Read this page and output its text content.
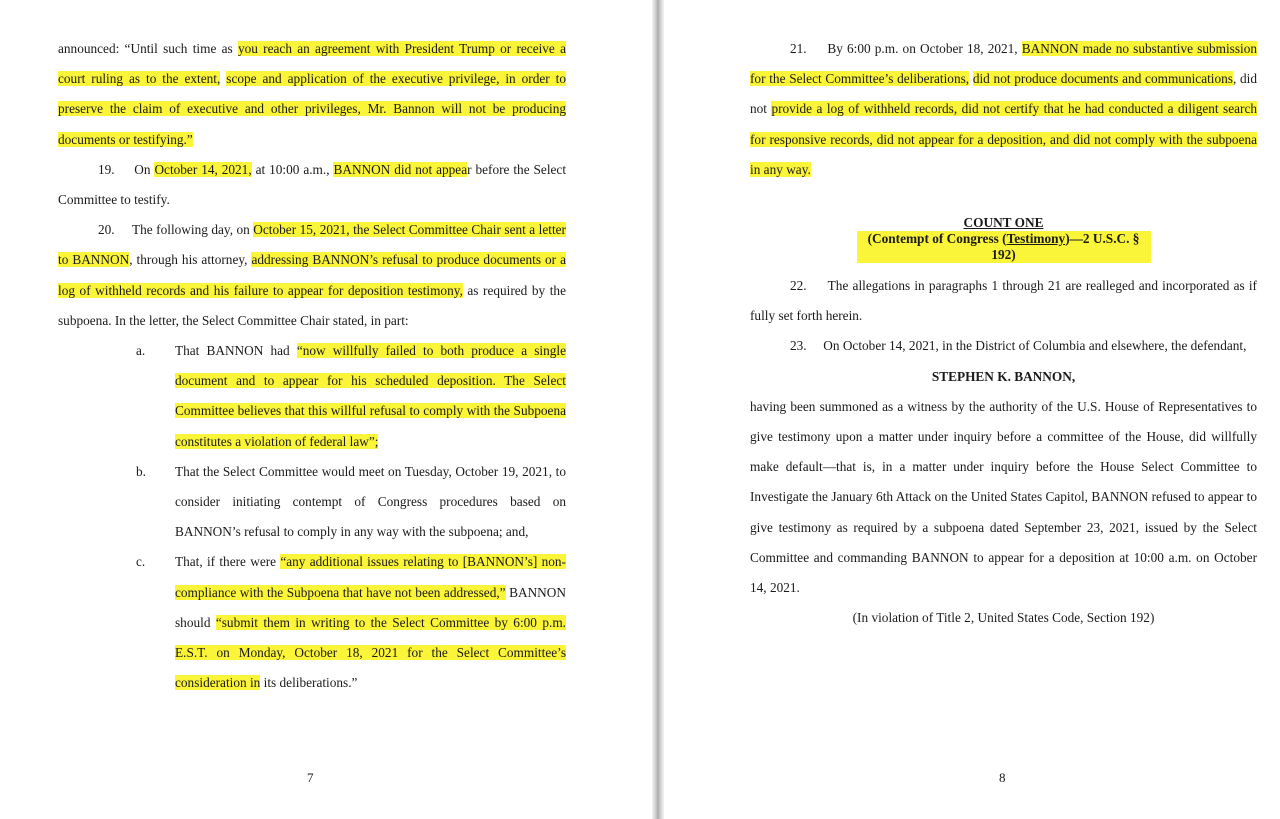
announced: “Until such time as you reach an agreement with President Trump or receive a court ruling as to the extent, scope and application of the executive privilege, in order to preserve the claim of executive and other privileges, Mr. Bannon will not be producing documents or testifying.”

19. On October 14, 2021, at 10:00 a.m., BANNON did not appear before the Select Committee to testify.

20. The following day, on October 15, 2021, the Select Committee Chair sent a letter to BANNON, through his attorney, addressing BANNON’s refusal to produce documents or a log of withheld records and his failure to appear for deposition testimony, as required by the subpoena. In the letter, the Select Committee Chair stated, in part:

a. That BANNON had “now willfully failed to both produce a single document and to appear for his scheduled deposition. The Select Committee believes that this willful refusal to comply with the Subpoena constitutes a violation of federal law”;

b. That the Select Committee would meet on Tuesday, October 19, 2021, to consider initiating contempt of Congress procedures based on BANNON’s refusal to comply in any way with the subpoena; and,

c. That, if there were “any additional issues relating to [BANNON’s] non-compliance with the Subpoena that have not been addressed,” BANNON should “submit them in writing to the Select Committee by 6:00 p.m. E.S.T. on Monday, October 18, 2021 for the Select Committee’s consideration in its deliberations.”

7

21. By 6:00 p.m. on October 18, 2021, BANNON made no substantive submission for the Select Committee’s deliberations, did not produce documents and communications, did not provide a log of withheld records, did not certify that he had conducted a diligent search for responsive records, did not appear for a deposition, and did not comply with the subpoena in any way.

COUNT ONE
(Contempt of Congress (Testimony)—2 U.S.C. § 192)

22. The allegations in paragraphs 1 through 21 are realleged and incorporated as if fully set forth herein.

23. On October 14, 2021, in the District of Columbia and elsewhere, the defendant,

STEPHEN K. BANNON,

having been summoned as a witness by the authority of the U.S. House of Representatives to give testimony upon a matter under inquiry before a committee of the House, did willfully make default—that is, in a matter under inquiry before the House Select Committee to Investigate the January 6th Attack on the United States Capitol, BANNON refused to appear to give testimony as required by a subpoena dated September 23, 2021, issued by the Select Committee and commanding BANNON to appear for a deposition at 10:00 a.m. on October 14, 2021.

(In violation of Title 2, United States Code, Section 192)

8
